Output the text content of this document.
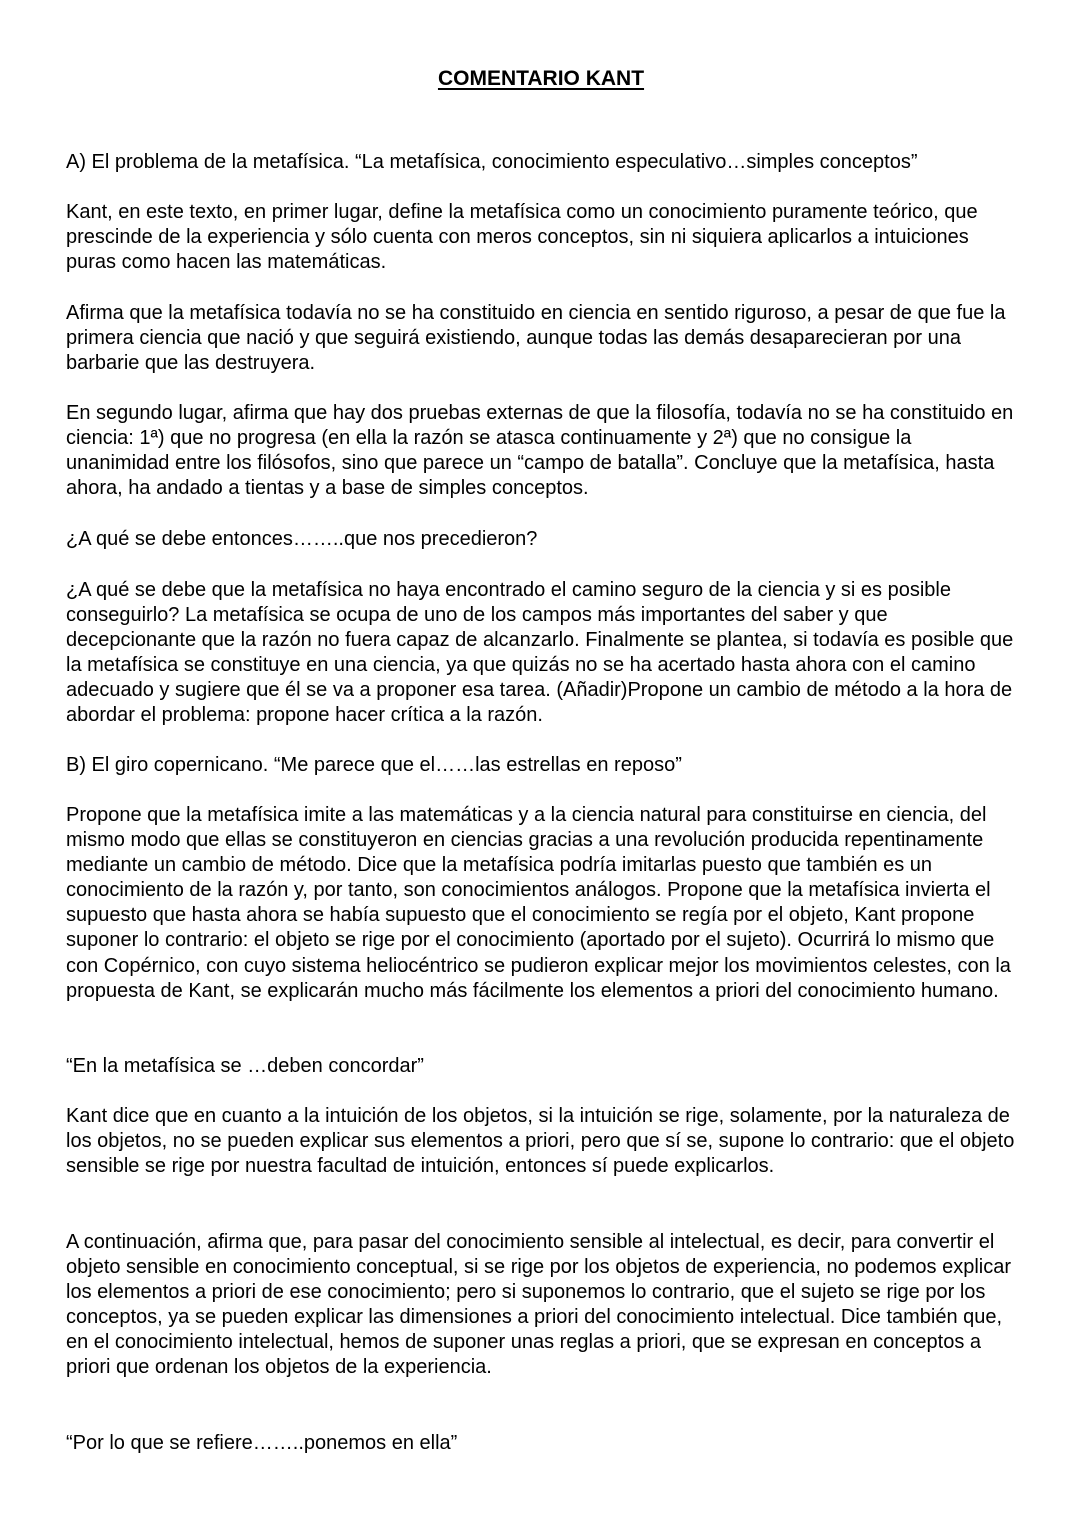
COMENTARIO KANT

A) El problema de la metafísica. “La metafísica, conocimiento especulativo…simples conceptos”

Kant, en este texto, en primer lugar, define la metafísica como un conocimiento puramente teórico, que prescinde de la experiencia y sólo cuenta con meros conceptos, sin ni siquiera aplicarlos a intuiciones puras como hacen las matemáticas.

Afirma que la metafísica todavía no se ha constituido en ciencia en sentido riguroso, a pesar de que fue la primera ciencia que nació y que seguirá existiendo, aunque todas las demás desaparecieran por una barbarie que las destruyera.

En segundo lugar, afirma que hay dos pruebas externas de que la filosofía, todavía no se ha constituido en ciencia: 1ª) que no progresa (en ella la razón se atasca continuamente y 2ª) que no consigue la unanimidad entre los filósofos, sino que parece un “campo de batalla”. Concluye que la metafísica, hasta ahora, ha andado a tientas y a base de simples conceptos.

¿A qué se debe entonces……..que nos precedieron?

¿A qué se debe que la metafísica no haya encontrado el camino seguro de la ciencia y si es posible conseguirlo? La metafísica se ocupa de uno de los campos más importantes del saber y que decepcionante que la razón no fuera capaz de alcanzarlo. Finalmente se plantea, si todavía es posible que la metafísica se constituye en una ciencia, ya que quizás no se ha acertado hasta ahora con el camino adecuado y sugiere que él se va a proponer esa tarea. (Añadir)Propone un cambio de método a la hora de abordar el problema: propone hacer crítica a la razón.

B) El giro copernicano. “Me parece que el……las estrellas en reposo”

Propone que la metafísica imite a las matemáticas y a la ciencia natural para constituirse en ciencia, del mismo modo que ellas se constituyeron en ciencias gracias a una revolución producida repentinamente mediante un cambio de método. Dice que la metafísica podría imitarlas puesto que también es un conocimiento de la razón y, por tanto, son conocimientos análogos. Propone que la metafísica invierta el supuesto que hasta ahora se había supuesto que el conocimiento se regía por el objeto, Kant propone suponer lo contrario: el objeto se rige por el conocimiento (aportado por el sujeto). Ocurrirá lo mismo que con Copérnico, con cuyo sistema heliocéntrico se pudieron explicar mejor los movimientos celestes, con la propuesta de Kant, se explicarán mucho más fácilmente los elementos a priori del conocimiento humano.

“En la metafísica se …deben concordar”

Kant dice que en cuanto a la intuición de los objetos, si la intuición se rige, solamente, por la naturaleza de los objetos, no se pueden explicar sus elementos a priori, pero que sí se, supone lo contrario: que el objeto sensible se rige por nuestra facultad de intuición, entonces sí puede explicarlos.

A continuación, afirma que, para pasar del conocimiento sensible al intelectual, es decir, para convertir el objeto sensible en conocimiento conceptual, si se rige por los objetos de experiencia, no podemos explicar los elementos a priori de ese conocimiento; pero si suponemos lo contrario, que el sujeto se rige por los conceptos, ya se pueden explicar las dimensiones a priori del conocimiento intelectual. Dice también que, en el conocimiento intelectual, hemos de suponer unas reglas a priori, que se expresan en conceptos a priori que ordenan los objetos de la experiencia.

“Por lo que se refiere……..ponemos en ella”
